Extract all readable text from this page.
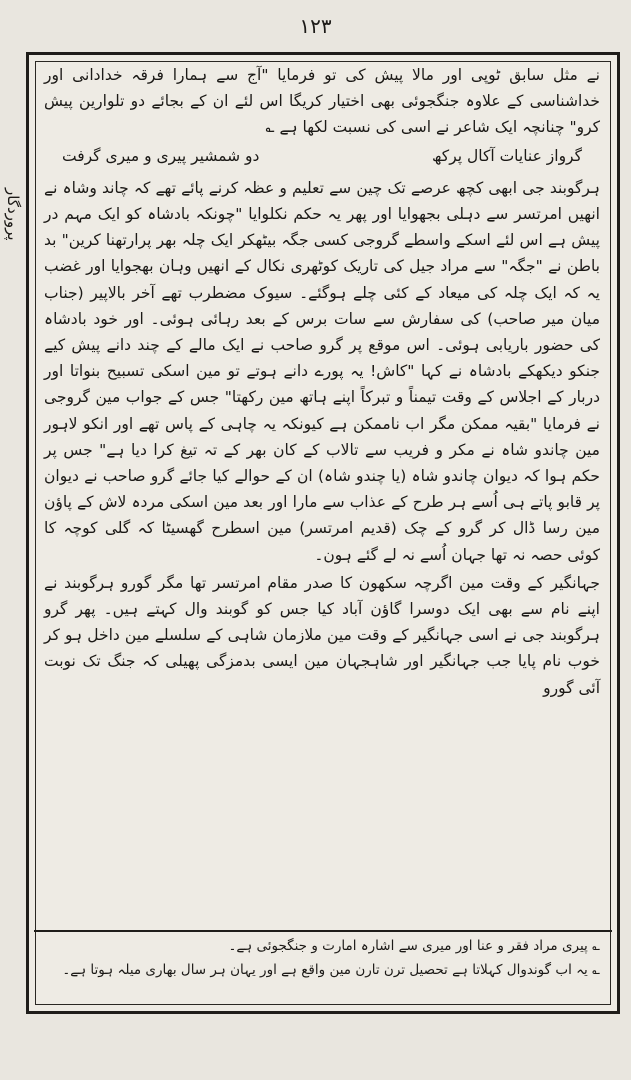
۱۲۳
پروردگار

نے مثل سابق ٹوپی اور مالا پیش کی تو فرمایا "آج سے ہمارا فرقہ خدادانی اور خداشناسی کے علاوہ جنگجوئی بھی اختیار کریگا اس لئے ان کے بجائے دو تلوارین پیش کرو" چنانچہ ایک شاعر نے اسی کی نسبت لکھا ہے ؎

گرواز عنایات آکال پرکھ
دو شمشیر پیری و میری گرفت

ہرگوبند جی ابھی کچھ عرصے تک چین سے تعلیم و عظہ کرنے پائے تھے کہ چاند وشاہ نے انھیں امرتسر سے دہلی بجھوایا اور پھر یہ حکم نکلوایا "چونکہ بادشاہ کو ایک مہم در پیش ہے اس لئے اسکے واسطے گروجی کسی جگہ بیٹھکر ایک چلہ بھر پرارتھنا کرین" بد باطن نے "جگہ" سے مراد جیل کی تاریک کوٹھری نکال کے انھیں وہان بھجوایا اور غضب یہ کہ ایک چلہ کی میعاد کے کئی چلے ہوگئے۔ سیوک مضطرب تھے آخر بالاپیر (جناب میان میر صاحب) کی سفارش سے سات برس کے بعد رہائی ہوئی۔ اور خود بادشاہ کی حضور باریابی ہوئی۔ اس موقع پر گرو صاحب نے ایک مالے کے چند دانے پیش کیے جنکو دیکھکے بادشاہ نے کہا "کاش! یہ پورے دانے ہوتے تو مین اسکی تسبیح بنواتا اور دربار کے اجلاس کے وقت تیمناً و تبرکاً اپنے ہاتھ مین رکھتا" جس کے جواب مین گروجی نے فرمایا "بقیہ ممکن مگر اب ناممکن ہے کیونکہ یہ چاہی کے پاس تھے اور انکو لاہور مین چاندو شاہ نے مکر و فریب سے تالاب کے کان بھر کے تہ تیغ کرا دیا ہے" جس پر حکم ہوا کہ دیوان چاندو شاہ (یا چندو شاہ) ان کے حوالے کیا جائے گرو صاحب نے دیوان پر قابو پاتے ہی اُسے ہر طرح کے عذاب سے مارا اور بعد مین اسکی مردہ لاش کے پاؤن مین رسا ڈال کر گرو کے چک (قدیم امرتسر) مین اسطرح گھسیٹا کہ گلی کوچہ کا کوئی حصہ نہ تھا جہان اُسے نہ لے گئے ہون۔

جہانگیر کے وقت مین اگرچہ سکھون کا صدر مقام امرتسر تھا مگر گورو ہرگوبند نے اپنے نام سے بھی ایک دوسرا گاؤن آباد کیا جس کو گوبند وال کہتے ہیں۔ پھر گرو ہرگوبند جی نے اسی جہانگیر کے وقت مین ملازمان شاہی کے سلسلے مین داخل ہو کر خوب نام پایا جب جہانگیر اور شاہجہان مین ایسی بدمزگی پھیلی کہ جنگ تک نوبت آئی گورو

؎ پیری مراد فقر و عنا اور میری سے اشارہ امارت و جنگجوئی ہے۔

؎ یہ اب گوندوال کہلاتا ہے تحصیل ترن تارن مین واقع ہے اور یہان ہر سال بھاری میلہ ہوتا ہے۔
